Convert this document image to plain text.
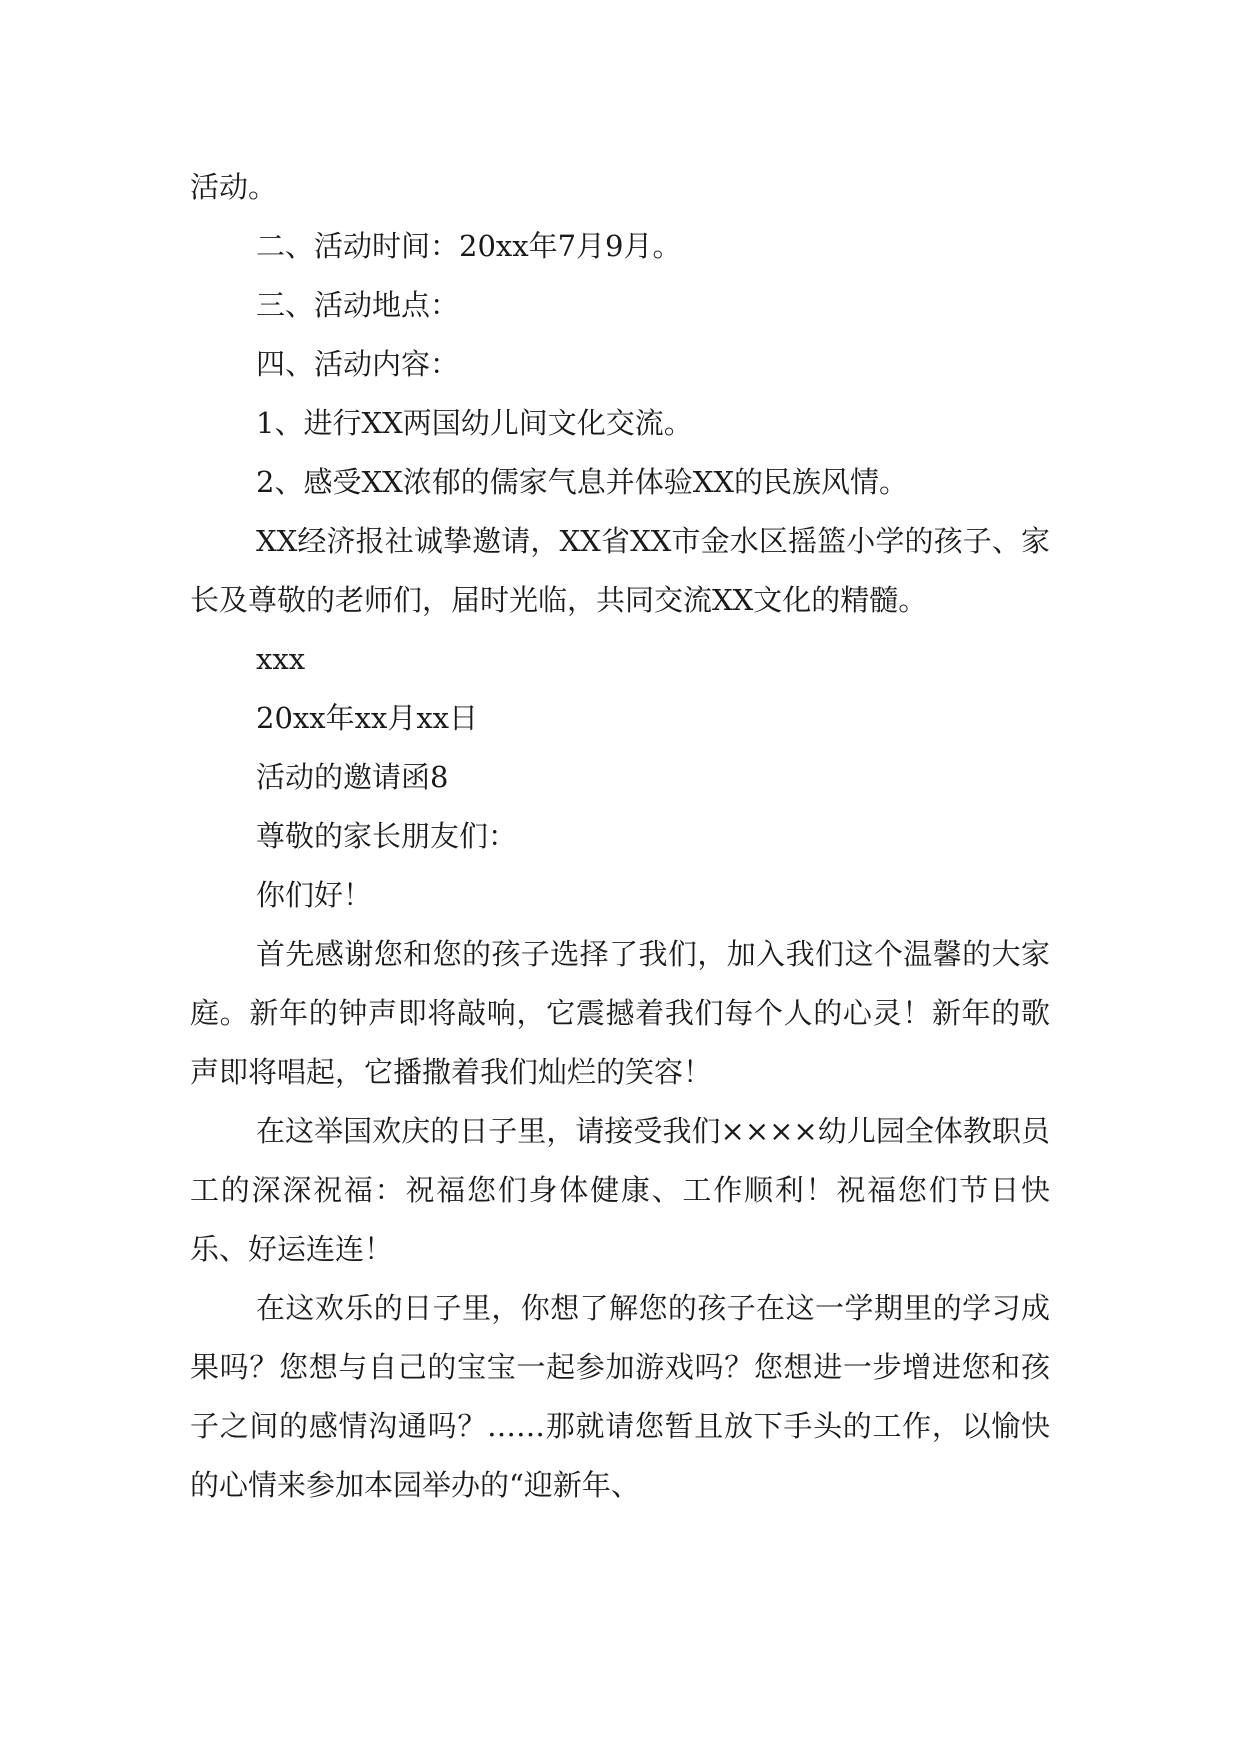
活动。

二、活动时间：20xx年7月9月。

三、活动地点：

四、活动内容：

1、进行XX两国幼儿间文化交流。

2、感受XX浓郁的儒家气息并体验XX的民族风情。

XX经济报社诚挚邀请，XX省XX市金水区摇篮小学的孩子、家长及尊敬的老师们，届时光临，共同交流XX文化的精髓。

xxx

20xx年xx月xx日

活动的邀请函8

尊敬的家长朋友们：

你们好！

首先感谢您和您的孩子选择了我们，加入我们这个温馨的大家庭。新年的钟声即将敲响，它震撼着我们每个人的心灵！新年的歌声即将唱起，它播撒着我们灿烂的笑容！

在这举国欢庆的日子里，请接受我们××××幼儿园全体教职员工的深深祝福：祝福您们身体健康、工作顺利！祝福您们节日快乐、好运连连！

在这欢乐的日子里，你想了解您的孩子在这一学期里的学习成果吗？您想与自己的宝宝一起参加游戏吗？您想进一步增进您和孩子之间的感情沟通吗？……那就请您暂且放下手头的工作，以愉快的心情来参加本园举办的“迎新年、
